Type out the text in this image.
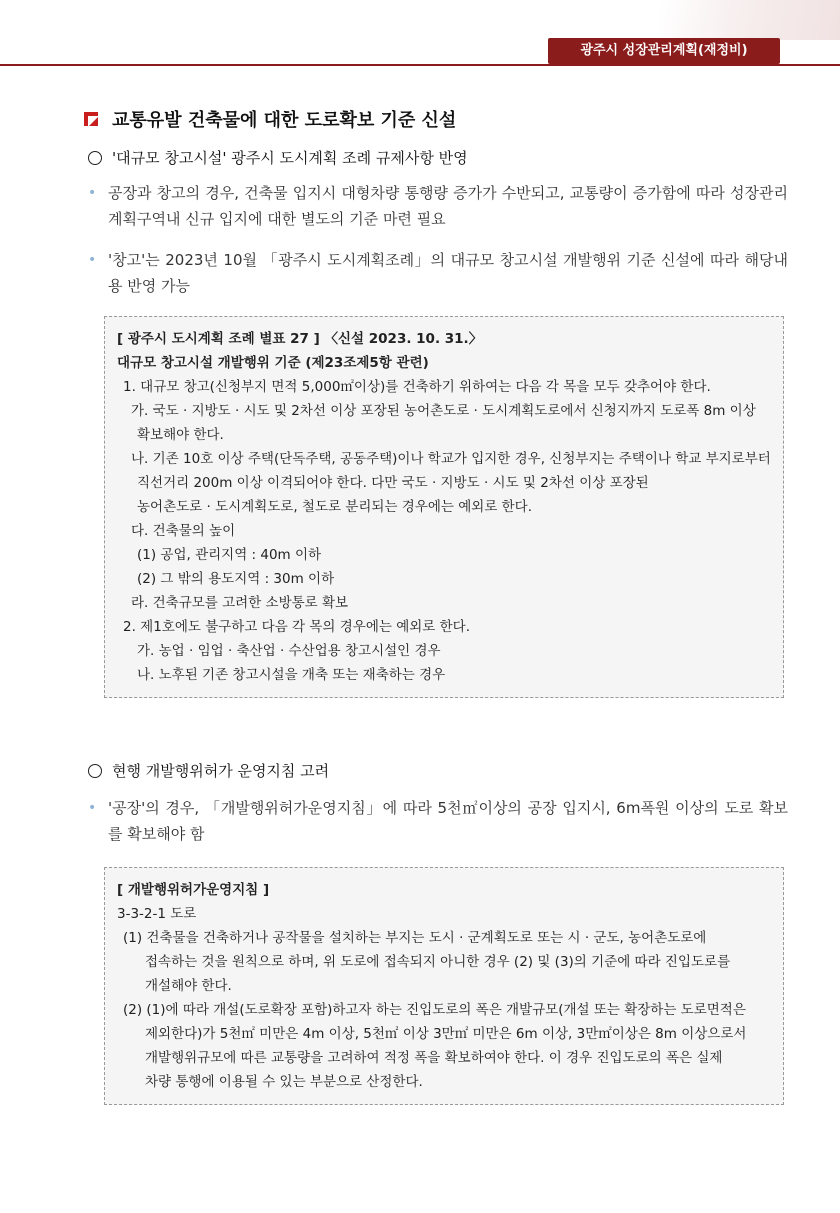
광주시 성장관리계획(재정비)
교통유발 건축물에 대한 도로확보 기준 신설
'대규모 창고시설' 광주시 도시계획 조례 규제사항 반영
• 공장과 창고의 경우, 건축물 입지시 대형차량 통행량 증가가 수반되고, 교통량이 증가함에 따라 성장관리계획구역내 신규 입지에 대한 별도의 기준 마련 필요
• '창고'는 2023년 10월 「광주시 도시계획조례」의 대규모 창고시설 개발행위 기준 신설에 따라 해당내용 반영 가능
[ 광주시 도시계획 조례 별표 27 ] 〈신설 2023. 10. 31.〉
대규모 창고시설 개발행위 기준 (제23조제5항 관련)
1. 대규모 창고(신청부지 면적 5,000㎡이상)를 건축하기 위하여는 다음 각 목을 모두 갖추어야 한다.
가. 국도 · 지방도 · 시도 및 2차선 이상 포장된 농어촌도로 · 도시계획도로에서 신청지까지 도로폭 8m 이상
확보해야 한다.
나. 기존 10호 이상 주택(단독주택, 공동주택)이나 학교가 입지한 경우, 신청부지는 주택이나 학교 부지로부터
직선거리 200m 이상 이격되어야 한다. 다만 국도 · 지방도 · 시도 및 2차선 이상 포장된
농어촌도로 · 도시계획도로, 철도로 분리되는 경우에는 예외로 한다.
다. 건축물의 높이
(1) 공업, 관리지역 : 40m 이하
(2) 그 밖의 용도지역 : 30m 이하
라. 건축규모를 고려한 소방통로 확보
2. 제1호에도 불구하고 다음 각 목의 경우에는 예외로 한다.
가. 농업 · 임업 · 축산업 · 수산업용 창고시설인 경우
나. 노후된 기존 창고시설을 개축 또는 재축하는 경우
현행 개발행위허가 운영지침 고려
• '공장'의 경우, 「개발행위허가운영지침」에 따라 5천㎡이상의 공장 입지시, 6m폭원 이상의 도로 확보를 확보해야 함
[ 개발행위허가운영지침 ]
3-3-2-1 도로
(1) 건축물을 건축하거나 공작물을 설치하는 부지는 도시 · 군계획도로 또는 시 · 군도, 농어촌도로에
접속하는 것을 원칙으로 하며, 위 도로에 접속되지 아니한 경우 (2) 및 (3)의 기준에 따라 진입도로를
개설해야 한다.
(2) (1)에 따라 개설(도로확장 포함)하고자 하는 진입도로의 폭은 개발규모(개설 또는 확장하는 도로면적은
제외한다)가 5천㎡ 미만은 4m 이상, 5천㎡ 이상 3만㎡ 미만은 6m 이상, 3만㎡이상은 8m 이상으로서
개발행위규모에 따른 교통량을 고려하여 적정 폭을 확보하여야 한다. 이 경우 진입도로의 폭은 실제
차량 통행에 이용될 수 있는 부분으로 산정한다.
